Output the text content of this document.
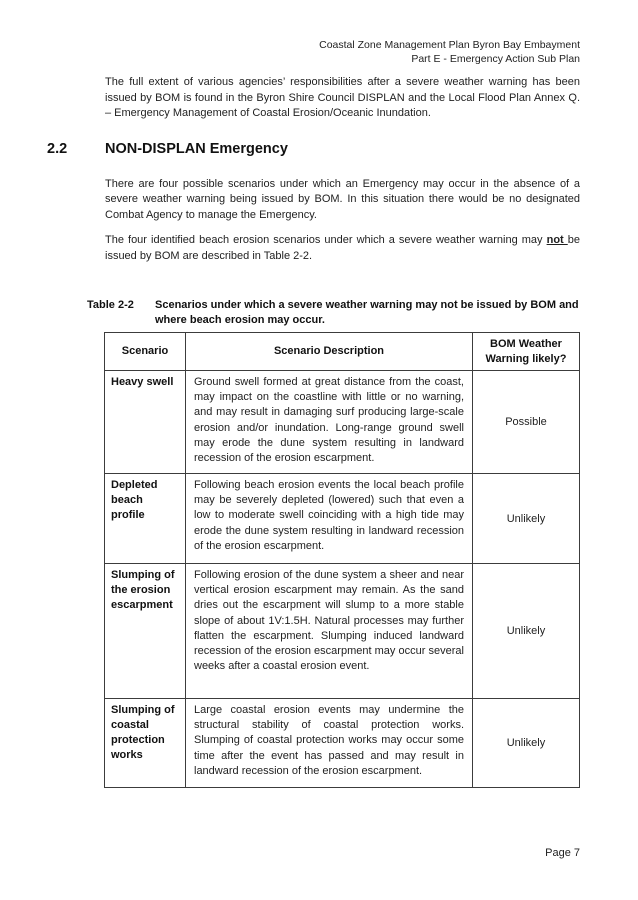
Coastal Zone Management Plan Byron Bay Embayment
Part E - Emergency Action Sub Plan

The full extent of various agencies’ responsibilities after a severe weather warning has been issued by BOM is found in the Byron Shire Council DISPLAN and the Local Flood Plan Annex Q. – Emergency Management of Coastal Erosion/Oceanic Inundation.

2.2	NON-DISPLAN Emergency

There are four possible scenarios under which an Emergency may occur in the absence of a severe weather warning being issued by BOM. In this situation there would be no designated Combat Agency to manage the Emergency.

The four identified beach erosion scenarios under which a severe weather warning may not be issued by BOM are described in Table 2-2.

Table 2-2	Scenarios under which a severe weather warning may not be issued by BOM and where beach erosion may occur.
Scenario	Scenario Description	BOM Weather Warning likely?
Heavy swell	Ground swell formed at great distance from the coast, may impact on the coastline with little or no warning, and may result in damaging surf producing large-scale erosion and/or inundation. Long-range ground swell may erode the dune system resulting in landward recession of the erosion escarpment.	Possible
Depleted beach profile	Following beach erosion events the local beach profile may be severely depleted (lowered) such that even a low to moderate swell coinciding with a high tide may erode the dune system resulting in landward recession of the erosion escarpment.	Unlikely
Slumping of the erosion escarpment	Following erosion of the dune system a sheer and near vertical erosion escarpment may remain. As the sand dries out the escarpment will slump to a more stable slope of about 1V:1.5H. Natural processes may further flatten the escarpment. Slumping induced landward recession of the erosion escarpment may occur several weeks after a coastal erosion event.	Unlikely
Slumping of coastal protection works	Large coastal erosion events may undermine the structural stability of coastal protection works. Slumping of coastal protection works may occur some time after the event has passed and may result in landward recession of the erosion escarpment.	Unlikely
Page 7
